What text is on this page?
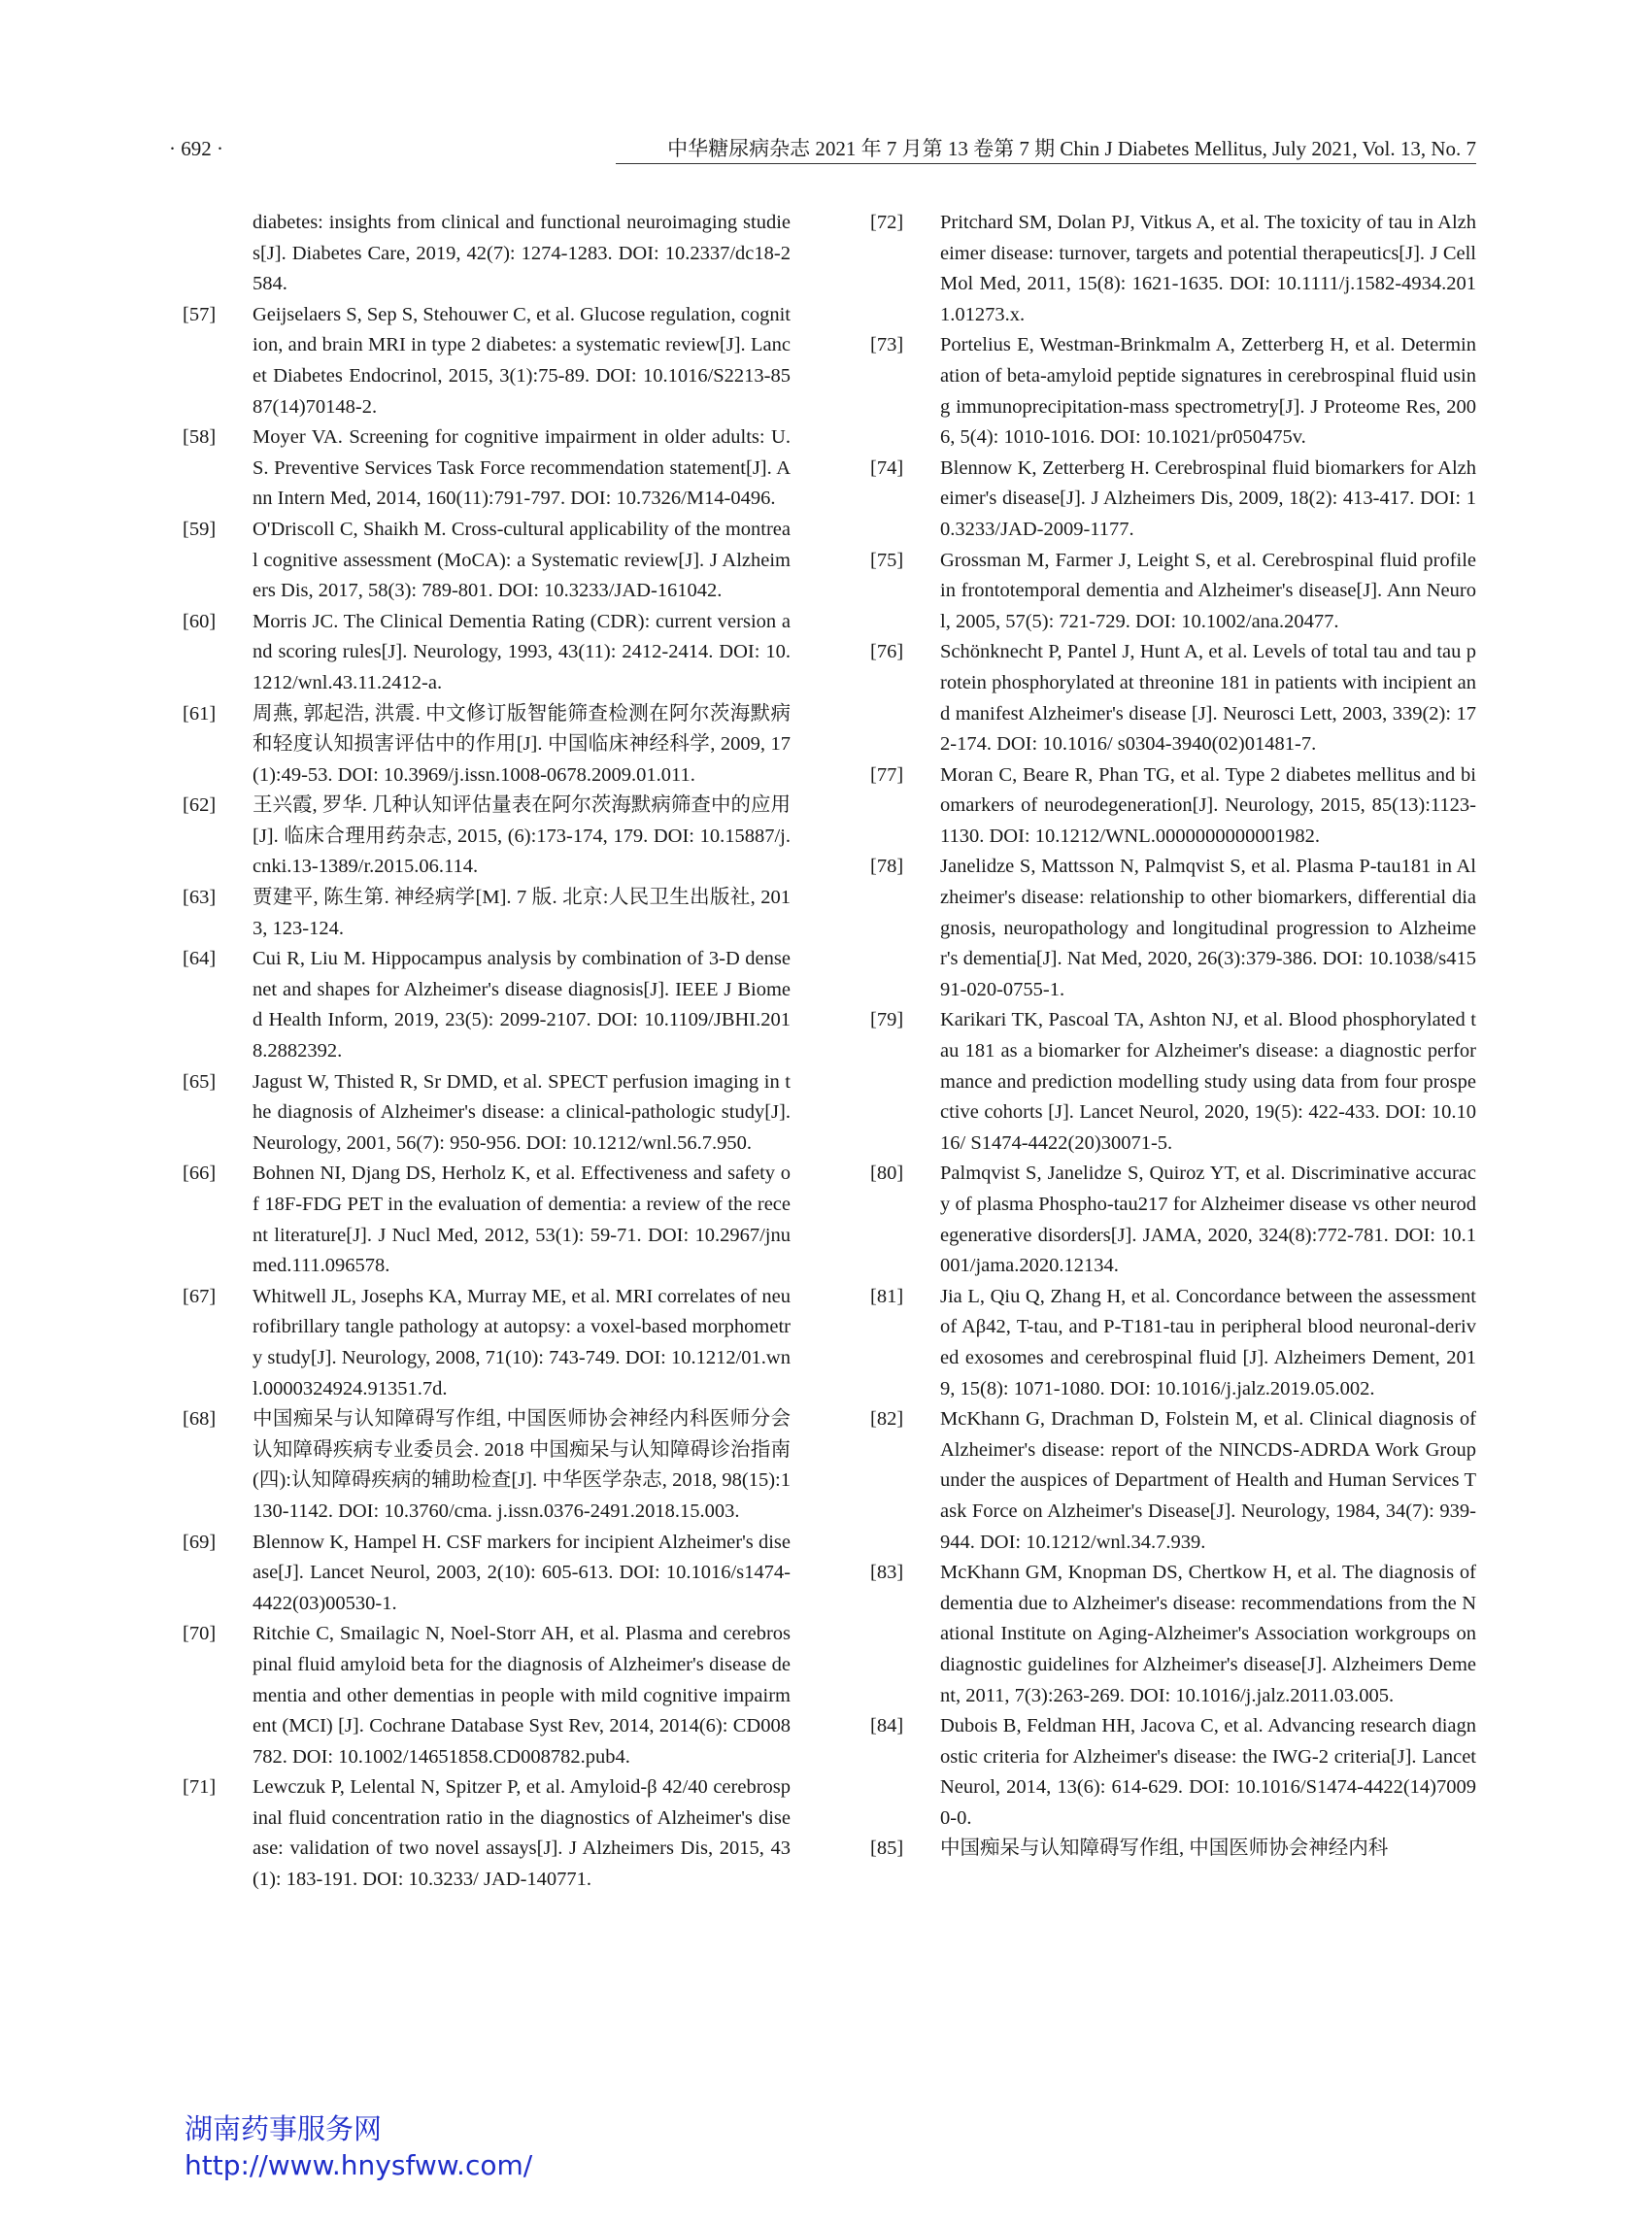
· 692 ·	中华糖尿病杂志 2021 年 7 月第 13 卷第 7 期 Chin J Diabetes Mellitus, July 2021, Vol. 13, No. 7
diabetes: insights from clinical and functional neuroimaging studies[J]. Diabetes Care, 2019, 42(7): 1274-1283. DOI: 10.2337/dc18-2584.
[57] Geijselaers S, Sep S, Stehouwer C, et al. Glucose regulation, cognition, and brain MRI in type 2 diabetes: a systematic review[J]. Lancet Diabetes Endocrinol, 2015, 3(1):75-89. DOI: 10.1016/S2213-8587(14)70148-2.
[58] Moyer VA. Screening for cognitive impairment in older adults: U. S. Preventive Services Task Force recommendation statement[J]. Ann Intern Med, 2014, 160(11):791-797. DOI: 10.7326/M14-0496.
[59] O'Driscoll C, Shaikh M. Cross-cultural applicability of the montreal cognitive assessment (MoCA): a Systematic review[J]. J Alzheimers Dis, 2017, 58(3): 789-801. DOI: 10.3233/JAD-161042.
[60] Morris JC. The Clinical Dementia Rating (CDR): current version and scoring rules[J]. Neurology, 1993, 43(11): 2412-2414. DOI: 10.1212/wnl.43.11.2412-a.
[61] 周燕, 郭起浩, 洪震. 中文修订版智能筛查检测在阿尔茨海默病和轻度认知损害评估中的作用[J]. 中国临床神经科学, 2009, 17(1):49-53. DOI: 10.3969/j.issn.1008-0678.2009.01.011.
[62] 王兴霞, 罗华. 几种认知评估量表在阿尔茨海默病筛查中的应用[J]. 临床合理用药杂志, 2015, (6):173-174, 179. DOI: 10.15887/j.cnki.13-1389/r.2015.06.114.
[63] 贾建平, 陈生第. 神经病学[M]. 7 版. 北京:人民卫生出版社, 2013, 123-124.
[64] Cui R, Liu M. Hippocampus analysis by combination of 3-D densenet and shapes for Alzheimer's disease diagnosis[J]. IEEE J Biomed Health Inform, 2019, 23(5): 2099-2107. DOI: 10.1109/JBHI.2018.2882392.
[65] Jagust W, Thisted R, Sr DMD, et al. SPECT perfusion imaging in the diagnosis of Alzheimer's disease: a clinical-pathologic study[J]. Neurology, 2001, 56(7): 950-956. DOI: 10.1212/wnl.56.7.950.
[66] Bohnen NI, Djang DS, Herholz K, et al. Effectiveness and safety of 18F-FDG PET in the evaluation of dementia: a review of the recent literature[J]. J Nucl Med, 2012, 53(1): 59-71. DOI: 10.2967/jnumed.111.096578.
[67] Whitwell JL, Josephs KA, Murray ME, et al. MRI correlates of neurofibrillary tangle pathology at autopsy: a voxel-based morphometry study[J]. Neurology, 2008, 71(10): 743-749. DOI: 10.1212/01.wnl.0000324924.91351.7d.
[68] 中国痴呆与认知障碍写作组, 中国医师协会神经内科医师分会认知障碍疾病专业委员会. 2018 中国痴呆与认知障碍诊治指南(四):认知障碍疾病的辅助检查[J]. 中华医学杂志, 2018, 98(15):1130-1142. DOI: 10.3760/cma. j.issn.0376-2491.2018.15.003.
[69] Blennow K, Hampel H. CSF markers for incipient Alzheimer's disease[J]. Lancet Neurol, 2003, 2(10): 605-613. DOI: 10.1016/s1474-4422(03)00530-1.
[70] Ritchie C, Smailagic N, Noel-Storr AH, et al. Plasma and cerebrospinal fluid amyloid beta for the diagnosis of Alzheimer's disease dementia and other dementias in people with mild cognitive impairment (MCI) [J]. Cochrane Database Syst Rev, 2014, 2014(6): CD008782. DOI: 10.1002/14651858.CD008782.pub4.
[71] Lewczuk P, Lelental N, Spitzer P, et al. Amyloid-β 42/40 cerebrospinal fluid concentration ratio in the diagnostics of Alzheimer's disease: validation of two novel assays[J]. J Alzheimers Dis, 2015, 43(1): 183-191. DOI: 10.3233/ JAD-140771.
[72] Pritchard SM, Dolan PJ, Vitkus A, et al. The toxicity of tau in Alzheimer disease: turnover, targets and potential therapeutics[J]. J Cell Mol Med, 2011, 15(8): 1621-1635. DOI: 10.1111/j.1582-4934.2011.01273.x.
[73] Portelius E, Westman-Brinkmalm A, Zetterberg H, et al. Determination of beta-amyloid peptide signatures in cerebrospinal fluid using immunoprecipitation-mass spectrometry[J]. J Proteome Res, 2006, 5(4): 1010-1016. DOI: 10.1021/pr050475v.
[74] Blennow K, Zetterberg H. Cerebrospinal fluid biomarkers for Alzheimer's disease[J]. J Alzheimers Dis, 2009, 18(2): 413-417. DOI: 10.3233/JAD-2009-1177.
[75] Grossman M, Farmer J, Leight S, et al. Cerebrospinal fluid profile in frontotemporal dementia and Alzheimer's disease[J]. Ann Neurol, 2005, 57(5): 721-729. DOI: 10.1002/ana.20477.
[76] Schönknecht P, Pantel J, Hunt A, et al. Levels of total tau and tau protein phosphorylated at threonine 181 in patients with incipient and manifest Alzheimer's disease [J]. Neurosci Lett, 2003, 339(2): 172-174. DOI: 10.1016/ s0304-3940(02)01481-7.
[77] Moran C, Beare R, Phan TG, et al. Type 2 diabetes mellitus and biomarkers of neurodegeneration[J]. Neurology, 2015, 85(13):1123-1130. DOI: 10.1212/WNL.0000000000001982.
[78] Janelidze S, Mattsson N, Palmqvist S, et al. Plasma P-tau181 in Alzheimer's disease: relationship to other biomarkers, differential diagnosis, neuropathology and longitudinal progression to Alzheimer's dementia[J]. Nat Med, 2020, 26(3):379-386. DOI: 10.1038/s41591-020-0755-1.
[79] Karikari TK, Pascoal TA, Ashton NJ, et al. Blood phosphorylated tau 181 as a biomarker for Alzheimer's disease: a diagnostic performance and prediction modelling study using data from four prospective cohorts [J]. Lancet Neurol, 2020, 19(5): 422-433. DOI: 10.1016/ S1474-4422(20)30071-5.
[80] Palmqvist S, Janelidze S, Quiroz YT, et al. Discriminative accuracy of plasma Phospho-tau217 for Alzheimer disease vs other neurodegenerative disorders[J]. JAMA, 2020, 324(8):772-781. DOI: 10.1001/jama.2020.12134.
[81] Jia L, Qiu Q, Zhang H, et al. Concordance between the assessment of Aβ42, T-tau, and P-T181-tau in peripheral blood neuronal-derived exosomes and cerebrospinal fluid [J]. Alzheimers Dement, 2019, 15(8): 1071-1080. DOI: 10.1016/j.jalz.2019.05.002.
[82] McKhann G, Drachman D, Folstein M, et al. Clinical diagnosis of Alzheimer's disease: report of the NINCDS-ADRDA Work Group under the auspices of Department of Health and Human Services Task Force on Alzheimer's Disease[J]. Neurology, 1984, 34(7): 939-944. DOI: 10.1212/wnl.34.7.939.
[83] McKhann GM, Knopman DS, Chertkow H, et al. The diagnosis of dementia due to Alzheimer's disease: recommendations from the National Institute on Aging-Alzheimer's Association workgroups on diagnostic guidelines for Alzheimer's disease[J]. Alzheimers Dement, 2011, 7(3):263-269. DOI: 10.1016/j.jalz.2011.03.005.
[84] Dubois B, Feldman HH, Jacova C, et al. Advancing research diagnostic criteria for Alzheimer's disease: the IWG-2 criteria[J]. Lancet Neurol, 2014, 13(6): 614-629. DOI: 10.1016/S1474-4422(14)70090-0.
[85] 中国痴呆与认知障碍写作组, 中国医师协会神经内科
湖南药事服务网
http://www.hnysfww.com/
